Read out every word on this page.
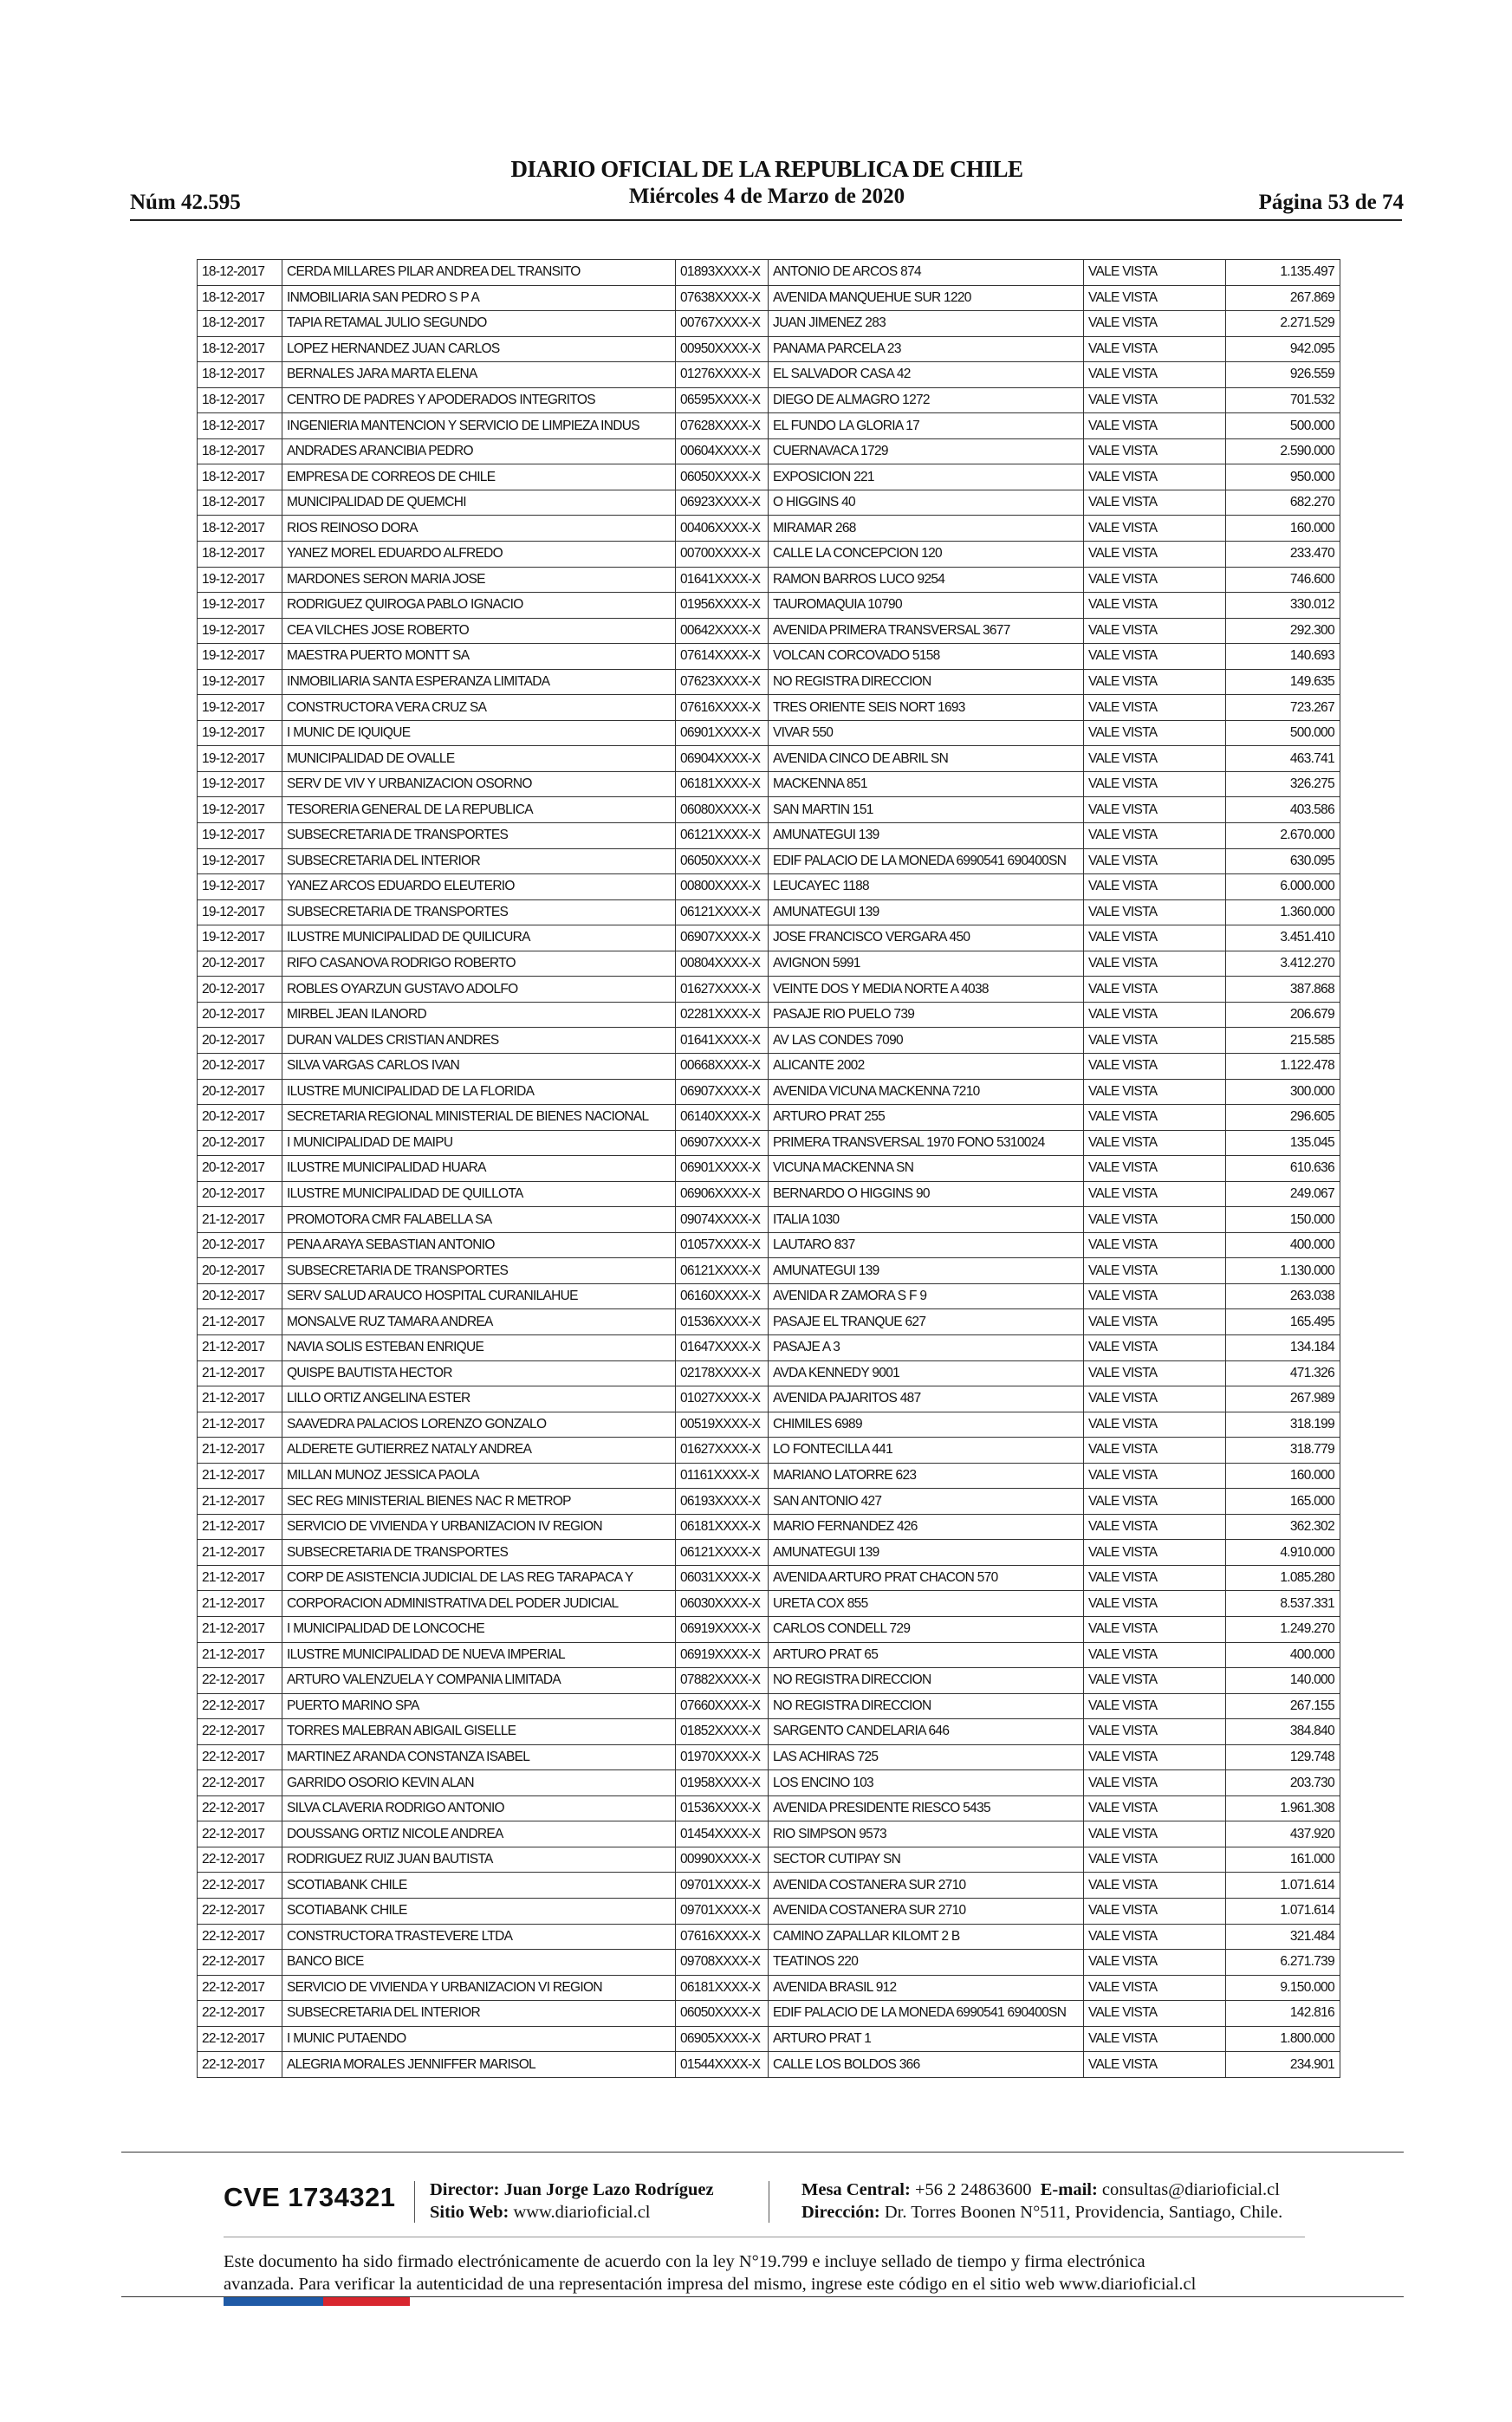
Núm 42.595
DIARIO OFICIAL DE LA REPUBLICA DE CHILE
Miércoles 4 de Marzo de 2020	Página 53 de 74
18-12-2017	CERDA MILLARES PILAR ANDREA DEL TRANSITO	01893XXXX-X	ANTONIO DE ARCOS 874	VALE VISTA	1.135.497
18-12-2017	INMOBILIARIA SAN PEDRO S P A	07638XXXX-X	AVENIDA MANQUEHUE SUR 1220	VALE VISTA	267.869
18-12-2017	TAPIA RETAMAL JULIO SEGUNDO	00767XXXX-X	JUAN JIMENEZ 283	VALE VISTA	2.271.529
18-12-2017	LOPEZ HERNANDEZ JUAN CARLOS	00950XXXX-X	PANAMA PARCELA 23	VALE VISTA	942.095
18-12-2017	BERNALES JARA MARTA ELENA	01276XXXX-X	EL SALVADOR CASA 42	VALE VISTA	926.559
18-12-2017	CENTRO DE PADRES Y APODERADOS INTEGRITOS	06595XXXX-X	DIEGO DE ALMAGRO 1272	VALE VISTA	701.532
18-12-2017	INGENIERIA MANTENCION Y SERVICIO DE LIMPIEZA INDUS	07628XXXX-X	EL FUNDO LA GLORIA 17	VALE VISTA	500.000
18-12-2017	ANDRADES ARANCIBIA PEDRO	00604XXXX-X	CUERNAVACA 1729	VALE VISTA	2.590.000
18-12-2017	EMPRESA DE CORREOS DE CHILE	06050XXXX-X	EXPOSICION 221	VALE VISTA	950.000
18-12-2017	MUNICIPALIDAD DE QUEMCHI	06923XXXX-X	O HIGGINS 40	VALE VISTA	682.270
18-12-2017	RIOS REINOSO DORA	00406XXXX-X	MIRAMAR 268	VALE VISTA	160.000
18-12-2017	YANEZ MOREL EDUARDO ALFREDO	00700XXXX-X	CALLE LA CONCEPCION 120	VALE VISTA	233.470
19-12-2017	MARDONES SERON MARIA JOSE	01641XXXX-X	RAMON BARROS LUCO 9254	VALE VISTA	746.600
19-12-2017	RODRIGUEZ QUIROGA PABLO IGNACIO	01956XXXX-X	TAUROMAQUIA 10790	VALE VISTA	330.012
19-12-2017	CEA VILCHES JOSE ROBERTO	00642XXXX-X	AVENIDA PRIMERA TRANSVERSAL 3677	VALE VISTA	292.300
19-12-2017	MAESTRA PUERTO MONTT SA	07614XXXX-X	VOLCAN CORCOVADO 5158	VALE VISTA	140.693
19-12-2017	INMOBILIARIA SANTA ESPERANZA LIMITADA	07623XXXX-X	NO REGISTRA DIRECCION	VALE VISTA	149.635
19-12-2017	CONSTRUCTORA VERA CRUZ SA	07616XXXX-X	TRES ORIENTE SEIS NORT 1693	VALE VISTA	723.267
19-12-2017	I MUNIC DE IQUIQUE	06901XXXX-X	VIVAR 550	VALE VISTA	500.000
19-12-2017	MUNICIPALIDAD DE OVALLE	06904XXXX-X	AVENIDA CINCO DE ABRIL SN	VALE VISTA	463.741
19-12-2017	SERV DE VIV Y URBANIZACION OSORNO	06181XXXX-X	MACKENNA 851	VALE VISTA	326.275
19-12-2017	TESORERIA GENERAL DE LA REPUBLICA	06080XXXX-X	SAN MARTIN 151	VALE VISTA	403.586
19-12-2017	SUBSECRETARIA DE TRANSPORTES	06121XXXX-X	AMUNATEGUI 139	VALE VISTA	2.670.000
19-12-2017	SUBSECRETARIA DEL INTERIOR	06050XXXX-X	EDIF PALACIO DE LA MONEDA 6990541 690400SN	VALE VISTA	630.095
19-12-2017	YANEZ ARCOS EDUARDO ELEUTERIO	00800XXXX-X	LEUCAYEC 1188	VALE VISTA	6.000.000
19-12-2017	SUBSECRETARIA DE TRANSPORTES	06121XXXX-X	AMUNATEGUI 139	VALE VISTA	1.360.000
19-12-2017	ILUSTRE MUNICIPALIDAD DE QUILICURA	06907XXXX-X	JOSE FRANCISCO VERGARA 450	VALE VISTA	3.451.410
20-12-2017	RIFO CASANOVA RODRIGO ROBERTO	00804XXXX-X	AVIGNON 5991	VALE VISTA	3.412.270
20-12-2017	ROBLES OYARZUN GUSTAVO ADOLFO	01627XXXX-X	VEINTE DOS Y MEDIA NORTE A 4038	VALE VISTA	387.868
20-12-2017	MIRBEL JEAN ILANORD	02281XXXX-X	PASAJE RIO PUELO 739	VALE VISTA	206.679
20-12-2017	DURAN VALDES CRISTIAN ANDRES	01641XXXX-X	AV LAS CONDES 7090	VALE VISTA	215.585
20-12-2017	SILVA VARGAS CARLOS IVAN	00668XXXX-X	ALICANTE 2002	VALE VISTA	1.122.478
20-12-2017	ILUSTRE MUNICIPALIDAD DE LA FLORIDA	06907XXXX-X	AVENIDA VICUNA MACKENNA 7210	VALE VISTA	300.000
20-12-2017	SECRETARIA REGIONAL MINISTERIAL DE BIENES NACIONAL	06140XXXX-X	ARTURO PRAT 255	VALE VISTA	296.605
20-12-2017	I MUNICIPALIDAD DE MAIPU	06907XXXX-X	PRIMERA TRANSVERSAL 1970 FONO 5310024	VALE VISTA	135.045
20-12-2017	ILUSTRE MUNICIPALIDAD HUARA	06901XXXX-X	VICUNA MACKENNA SN	VALE VISTA	610.636
20-12-2017	ILUSTRE MUNICIPALIDAD DE QUILLOTA	06906XXXX-X	BERNARDO O HIGGINS 90	VALE VISTA	249.067
21-12-2017	PROMOTORA CMR FALABELLA SA	09074XXXX-X	ITALIA 1030	VALE VISTA	150.000
20-12-2017	PENA ARAYA SEBASTIAN ANTONIO	01057XXXX-X	LAUTARO 837	VALE VISTA	400.000
20-12-2017	SUBSECRETARIA DE TRANSPORTES	06121XXXX-X	AMUNATEGUI 139	VALE VISTA	1.130.000
20-12-2017	SERV SALUD ARAUCO HOSPITAL CURANILAHUE	06160XXXX-X	AVENIDA R ZAMORA S F 9	VALE VISTA	263.038
21-12-2017	MONSALVE RUZ TAMARA ANDREA	01536XXXX-X	PASAJE EL TRANQUE 627	VALE VISTA	165.495
21-12-2017	NAVIA SOLIS ESTEBAN ENRIQUE	01647XXXX-X	PASAJE A 3	VALE VISTA	134.184
21-12-2017	QUISPE BAUTISTA HECTOR	02178XXXX-X	AVDA KENNEDY 9001	VALE VISTA	471.326
21-12-2017	LILLO ORTIZ ANGELINA ESTER	01027XXXX-X	AVENIDA PAJARITOS 487	VALE VISTA	267.989
21-12-2017	SAAVEDRA PALACIOS LORENZO GONZALO	00519XXXX-X	CHIMILES 6989	VALE VISTA	318.199
21-12-2017	ALDERETE GUTIERREZ NATALY ANDREA	01627XXXX-X	LO FONTECILLA 441	VALE VISTA	318.779
21-12-2017	MILLAN MUNOZ JESSICA PAOLA	01161XXXX-X	MARIANO LATORRE 623	VALE VISTA	160.000
21-12-2017	SEC REG MINISTERIAL BIENES NAC R METROP	06193XXXX-X	SAN ANTONIO 427	VALE VISTA	165.000
21-12-2017	SERVICIO DE VIVIENDA Y URBANIZACION IV REGION	06181XXXX-X	MARIO FERNANDEZ 426	VALE VISTA	362.302
21-12-2017	SUBSECRETARIA DE TRANSPORTES	06121XXXX-X	AMUNATEGUI 139	VALE VISTA	4.910.000
21-12-2017	CORP DE ASISTENCIA JUDICIAL DE LAS REG TARAPACA Y	06031XXXX-X	AVENIDA ARTURO PRAT CHACON 570	VALE VISTA	1.085.280
21-12-2017	CORPORACION ADMINISTRATIVA DEL PODER JUDICIAL	06030XXXX-X	URETA COX 855	VALE VISTA	8.537.331
21-12-2017	I MUNICIPALIDAD DE LONCOCHE	06919XXXX-X	CARLOS CONDELL 729	VALE VISTA	1.249.270
21-12-2017	ILUSTRE MUNICIPALIDAD DE NUEVA IMPERIAL	06919XXXX-X	ARTURO PRAT 65	VALE VISTA	400.000
22-12-2017	ARTURO VALENZUELA Y COMPANIA LIMITADA	07882XXXX-X	NO REGISTRA DIRECCION	VALE VISTA	140.000
22-12-2017	PUERTO MARINO SPA	07660XXXX-X	NO REGISTRA DIRECCION	VALE VISTA	267.155
22-12-2017	TORRES MALEBRAN ABIGAIL GISELLE	01852XXXX-X	SARGENTO CANDELARIA 646	VALE VISTA	384.840
22-12-2017	MARTINEZ ARANDA CONSTANZA ISABEL	01970XXXX-X	LAS ACHIRAS 725	VALE VISTA	129.748
22-12-2017	GARRIDO OSORIO KEVIN ALAN	01958XXXX-X	LOS ENCINO 103	VALE VISTA	203.730
22-12-2017	SILVA CLAVERIA RODRIGO ANTONIO	01536XXXX-X	AVENIDA PRESIDENTE RIESCO 5435	VALE VISTA	1.961.308
22-12-2017	DOUSSANG ORTIZ NICOLE ANDREA	01454XXXX-X	RIO SIMPSON 9573	VALE VISTA	437.920
22-12-2017	RODRIGUEZ RUIZ JUAN BAUTISTA	00990XXXX-X	SECTOR CUTIPAY SN	VALE VISTA	161.000
22-12-2017	SCOTIABANK CHILE	09701XXXX-X	AVENIDA COSTANERA SUR 2710	VALE VISTA	1.071.614
22-12-2017	SCOTIABANK CHILE	09701XXXX-X	AVENIDA COSTANERA SUR 2710	VALE VISTA	1.071.614
22-12-2017	CONSTRUCTORA TRASTEVERE LTDA	07616XXXX-X	CAMINO ZAPALLAR KILOMT 2 B	VALE VISTA	321.484
22-12-2017	BANCO BICE	09708XXXX-X	TEATINOS 220	VALE VISTA	6.271.739
22-12-2017	SERVICIO DE VIVIENDA Y URBANIZACION VI REGION	06181XXXX-X	AVENIDA BRASIL 912	VALE VISTA	9.150.000
22-12-2017	SUBSECRETARIA DEL INTERIOR	06050XXXX-X	EDIF PALACIO DE LA MONEDA 6990541 690400SN	VALE VISTA	142.816
22-12-2017	I MUNIC PUTAENDO	06905XXXX-X	ARTURO PRAT 1	VALE VISTA	1.800.000
22-12-2017	ALEGRIA MORALES JENNIFFER MARISOL	01544XXXX-X	CALLE LOS BOLDOS 366	VALE VISTA	234.901
CVE 1734321 Director: Juan Jorge Lazo Rodríguez
Sitio Web: www.diarioficial.cl
Mesa Central: +56 2 24863600 E-mail: consultas@diarioficial.cl
Dirección: Dr. Torres Boonen N°511, Providencia, Santiago, Chile.
Este documento ha sido firmado electrónicamente de acuerdo con la ley N°19.799 e incluye sellado de tiempo y firma electrónica
avanzada. Para verificar la autenticidad de una representación impresa del mismo, ingrese este código en el sitio web www.diarioficial.cl
